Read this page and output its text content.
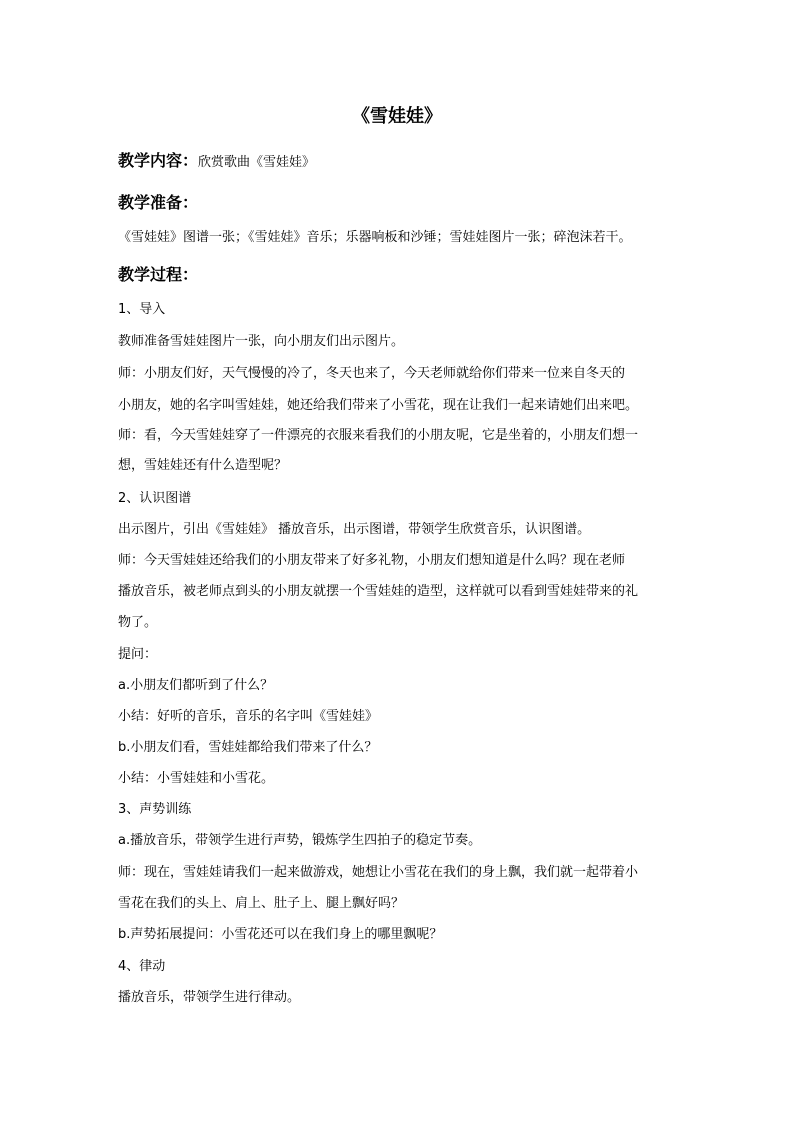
《雪娃娃》
教学内容：欣赏歌曲《雪娃娃》
教学准备：
《雪娃娃》图谱一张；《雪娃娃》音乐；乐器响板和沙锤；雪娃娃图片一张；碎泡沫若干。
教学过程：
1、导入
教师准备雪娃娃图片一张，向小朋友们出示图片。
师：小朋友们好，天气慢慢的冷了，冬天也来了，今天老师就给你们带来一位来自冬天的
小朋友，她的名字叫雪娃娃，她还给我们带来了小雪花，现在让我们一起来请她们出来吧。
师：看，今天雪娃娃穿了一件漂亮的衣服来看我们的小朋友呢，它是坐着的，小朋友们想一
想，雪娃娃还有什么造型呢？
2、认识图谱
出示图片，引出《雪娃娃》 播放音乐，出示图谱，带领学生欣赏音乐，认识图谱。
师：今天雪娃娃还给我们的小朋友带来了好多礼物，小朋友们想知道是什么吗？现在老师
播放音乐，被老师点到头的小朋友就摆一个雪娃娃的造型，这样就可以看到雪娃娃带来的礼
物了。
提问：
a.小朋友们都听到了什么？
小结：好听的音乐，音乐的名字叫《雪娃娃》
b.小朋友们看，雪娃娃都给我们带来了什么？
小结：小雪娃娃和小雪花。
3、声势训练
a.播放音乐，带领学生进行声势，锻炼学生四拍子的稳定节奏。
师：现在，雪娃娃请我们一起来做游戏，她想让小雪花在我们的身上飘，我们就一起带着小
雪花在我们的头上、肩上、肚子上、腿上飘好吗？
b.声势拓展提问：小雪花还可以在我们身上的哪里飘呢？
4、律动
播放音乐，带领学生进行律动。
